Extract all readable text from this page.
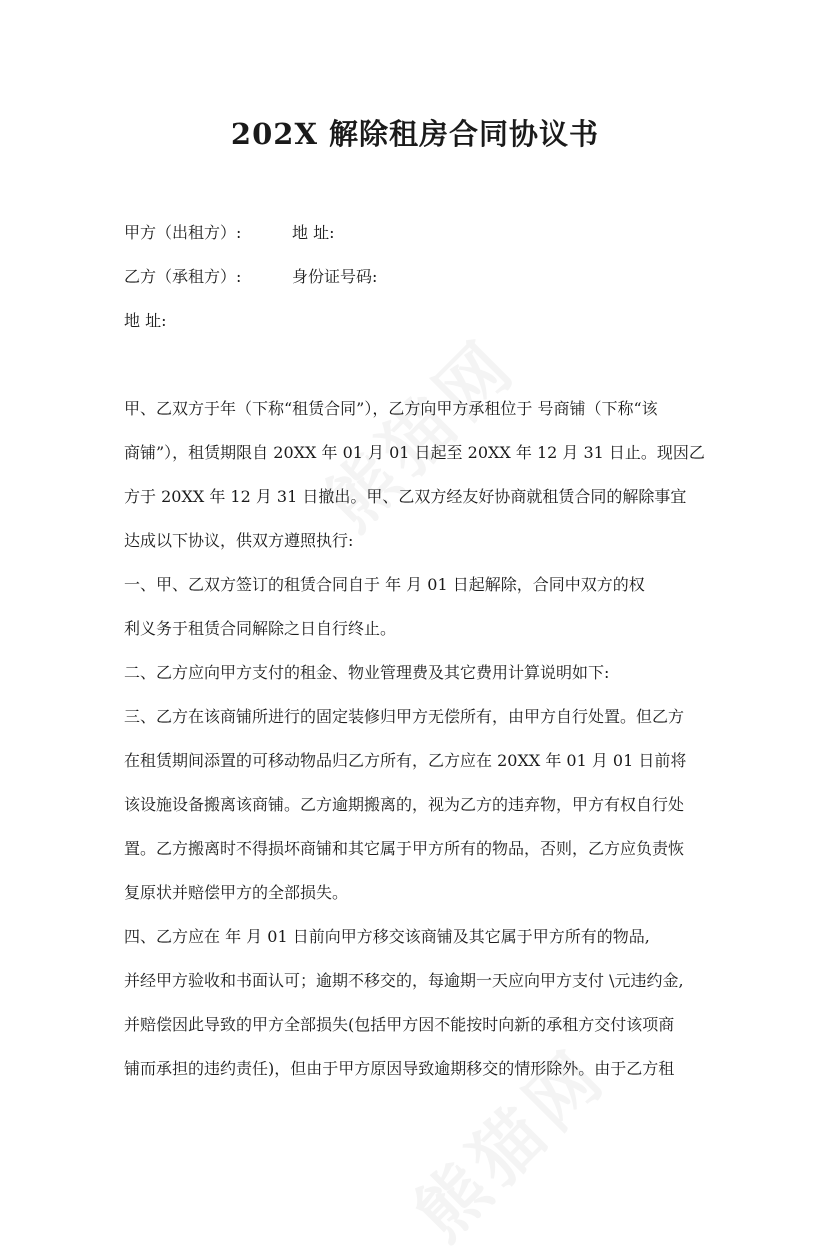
202X 解除租房合同协议书
甲方（出租方）:	地 址:
乙方（承租方）:	身份证号码:
地 址:
甲、乙双方于年（下称“租赁合同”），乙方向甲方承租位于 号商铺（下称“该
商铺”），租赁期限自 20XX 年 01 月 01 日起至 20XX 年 12 月 31 日止。现因乙
方于 20XX 年 12 月 31 日撤出。甲、乙双方经友好协商就租赁合同的解除事宜
达成以下协议，供双方遵照执行:
一、甲、乙双方签订的租赁合同自于 年 月 01 日起解除，合同中双方的权
利义务于租赁合同解除之日自行终止。
二、乙方应向甲方支付的租金、物业管理费及其它费用计算说明如下:
三、乙方在该商铺所进行的固定装修归甲方无偿所有，由甲方自行处置。但乙方
在租赁期间添置的可移动物品归乙方所有，乙方应在 20XX 年 01 月 01 日前将
该设施设备搬离该商铺。乙方逾期搬离的，视为乙方的违弃物，甲方有权自行处
置。乙方搬离时不得损坏商铺和其它属于甲方所有的物品，否则，乙方应负责恢
复原状并赔偿甲方的全部损失。
四、乙方应在 年 月 01 日前向甲方移交该商铺及其它属于甲方所有的物品,
并经甲方验收和书面认可；逾期不移交的，每逾期一天应向甲方支付 \元违约金,
并赔偿因此导致的甲方全部损失(包括甲方因不能按时向新的承租方交付该项商
铺而承担的违约责任)，但由于甲方原因导致逾期移交的情形除外。由于乙方租
